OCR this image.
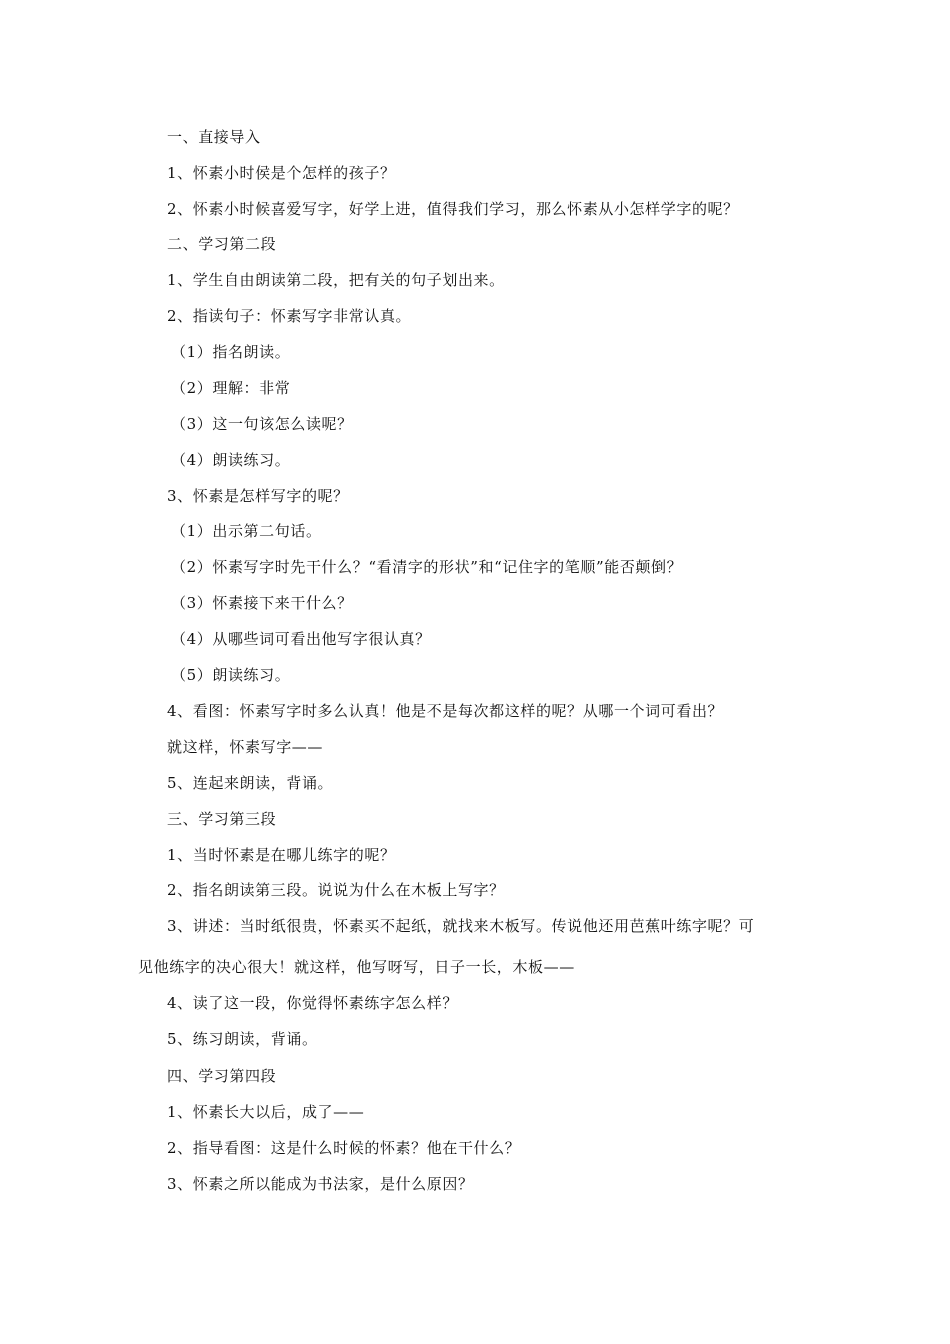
一、直接导入
1、怀素小时侯是个怎样的孩子？
2、怀素小时候喜爱写字，好学上进，值得我们学习，那么怀素从小怎样学字的呢？
二、学习第二段
1、学生自由朗读第二段，把有关的句子划出来。
2、指读句子：怀素写字非常认真。
（1）指名朗读。
（2）理解：非常
（3）这一句该怎么读呢？
（4）朗读练习。
3、怀素是怎样写字的呢？
（1）出示第二句话。
（2）怀素写字时先干什么？“看清字的形状”和“记住字的笔顺”能否颠倒？
（3）怀素接下来干什么？
（4）从哪些词可看出他写字很认真？
（5）朗读练习。
4、看图：怀素写字时多么认真！他是不是每次都这样的呢？从哪一个词可看出？
就这样，怀素写字——
5、连起来朗读，背诵。
三、学习第三段
1、当时怀素是在哪儿练字的呢？
2、指名朗读第三段。说说为什么在木板上写字？
3、讲述：当时纸很贵，怀素买不起纸，就找来木板写。传说他还用芭蕉叶练字呢？可
见他练字的决心很大！就这样，他写呀写，日子一长，木板——
4、读了这一段，你觉得怀素练字怎么样？
5、练习朗读，背诵。
四、学习第四段
1、怀素长大以后，成了——
2、指导看图：这是什么时候的怀素？他在干什么？
3、怀素之所以能成为书法家，是什么原因？
